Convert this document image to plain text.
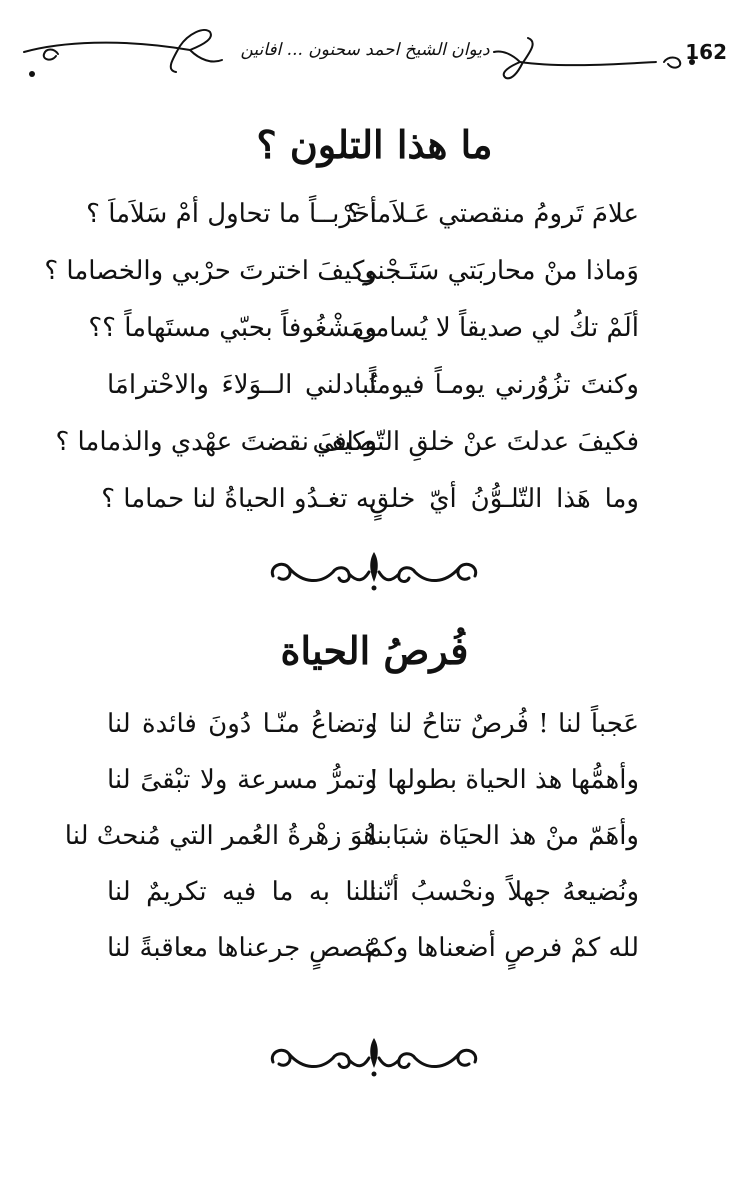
162
ديوان الشيخ احمد سحنون ... افانين
ما هذا التلون ؟
علامَ تَرومُ منقصتي عَـلاَما ؟
أحَرْبــاً ما تحاول أمْ سَلاَماَ ؟
وَماذا منْ محاربَتي سَتَـجْني
وكيفَ اخترتَ حرْبي والخصاما ؟
ألَمْ تكُ لي صديقاً لا يُسامى
ومَشْغُوفاً بحبّي مستَهاماً ؟؟
وكنتَ تزُوُرني يومـاً فيوماً
تُبادلني الــوَلاءَ والاحْترامَا
فكيفَ عدلتَ عنْ خلقِ التّصافي
وكيفَ نقضتَ عهْدي والذماما ؟
وما هَذا التّلـوُّنُ أيّ خلقٍ
به تغـدُو الحياةُ لنا حماما ؟
فُرصُ الحياة
عَجباً لنا ! فُرصٌ تتاحُ لنا !
وتضاعُ منّـا دُونَ فائدة لنا
وأهمُّها هذ الحياة بطولها !
وتمرُّ مسرعة ولا تبْقىً لنا
وأهَمّ منْ هذ الحيَاة شبَابنا
هُوَ زهْرةُ العُمر التي مُنحتْ لنا
ونُضيعهُ جهلاً ونحْسبُ أنّنا
نلنا به ما فيه تكريمٌ لنا
لله كمْ فرصٍ أضعناها وكمْ
غصصٍ جرعناها معاقبةً لنا
